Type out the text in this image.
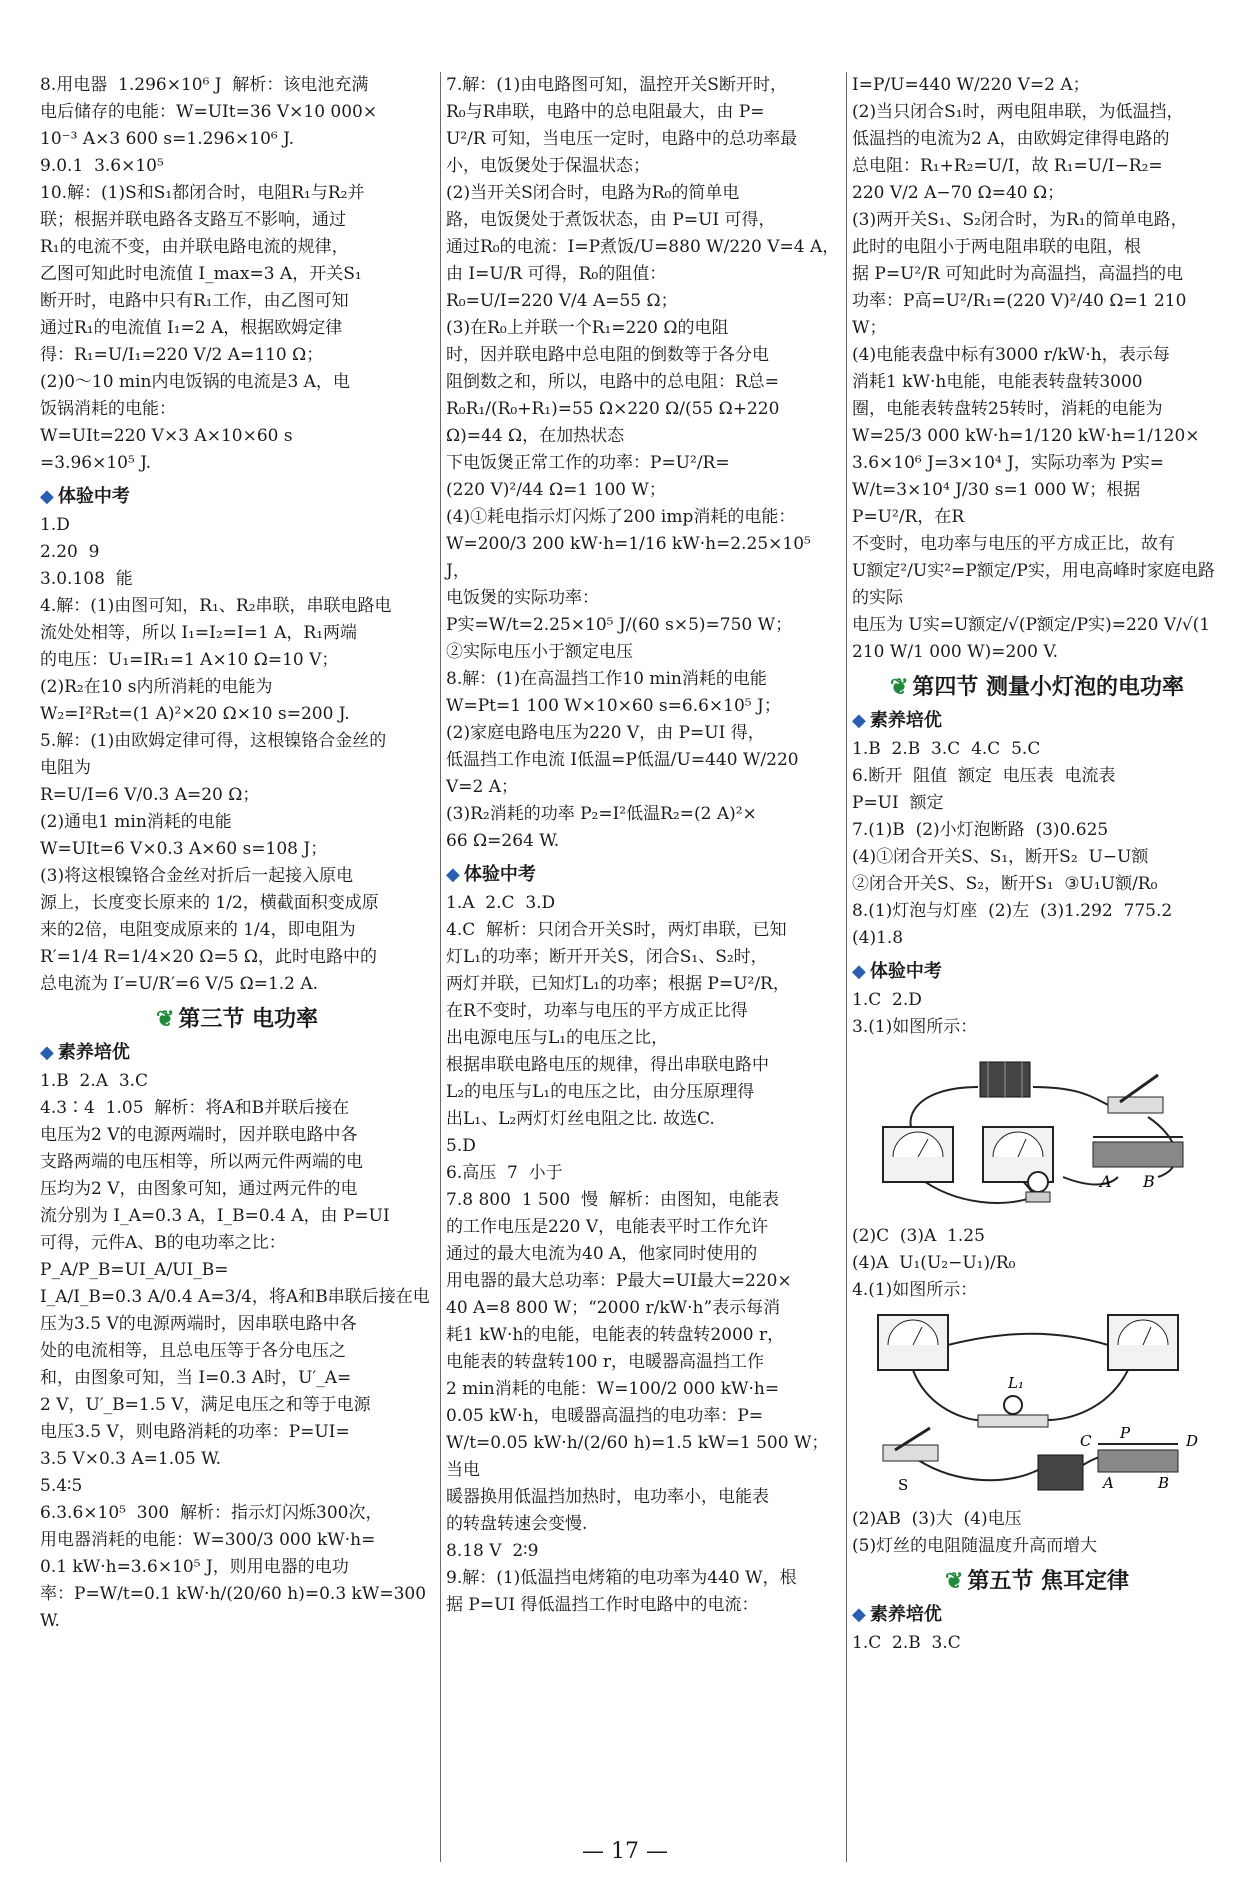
8.用电器  1.296×10⁶ J  解析：该电池充满
电后储存的电能：W=UIt=36 V×10 000×
10⁻³ A×3 600 s=1.296×10⁶ J.
9.0.1  3.6×10⁵
10.解：(1)S和S₁都闭合时，电阻R₁与R₂并
联；根据并联电路各支路互不影响，通过
R₁的电流不变，由并联电路电流的规律，
乙图可知此时电流值 I_max=3 A，开关S₁
断开时，电路中只有R₁工作，由乙图可知
通过R₁的电流值 I₁=2 A，根据欧姆定律
得：R₁=U/I₁=220 V/2 A=110 Ω；
(2)0～10 min内电饭锅的电流是3 A，电
饭锅消耗的电能：
W=UIt=220 V×3 A×10×60 s
=3.96×10⁵ J.
◆ 体验中考
1.D
2.20  9
3.0.108  能
4.解：(1)由图可知，R₁、R₂串联，串联电路电
流处处相等，所以 I₁=I₂=I=1 A，R₁两端
的电压：U₁=IR₁=1 A×10 Ω=10 V；
(2)R₂在10 s内所消耗的电能为
W₂=I²R₂t=(1 A)²×20 Ω×10 s=200 J.
5.解：(1)由欧姆定律可得，这根镍铬合金丝的
电阻为
R=U/I=6 V/0.3 A=20 Ω；
(2)通电1 min消耗的电能
W=UIt=6 V×0.3 A×60 s=108 J；
(3)将这根镍铬合金丝对折后一起接入原电
源上，长度变长原来的 1/2，横截面积变成原
来的2倍，电阻变成原来的 1/4，即电阻为
R′=1/4 R=1/4×20 Ω=5 Ω，此时电路中的
总电流为 I′=U/R′=6 V/5 Ω=1.2 A.
❦ 第三节 电功率
◆ 素养培优
1.B  2.A  3.C
4.3∶4  1.05  解析：将A和B并联后接在
电压为2 V的电源两端时，因并联电路中各
支路两端的电压相等，所以两元件两端的电
压均为2 V，由图象可知，通过两元件的电
流分别为 I_A=0.3 A，I_B=0.4 A，由 P=UI
可得，元件A、B的电功率之比：P_A/P_B=UI_A/UI_B=
I_A/I_B=0.3 A/0.4 A=3/4，将A和B串联后接在电
压为3.5 V的电源两端时，因串联电路中各
处的电流相等，且总电压等于各分电压之
和，由图象可知，当 I=0.3 A时，U′_A=
2 V，U′_B=1.5 V，满足电压之和等于电源
电压3.5 V，则电路消耗的功率：P=UI=
3.5 V×0.3 A=1.05 W.
5.4∶5
6.3.6×10⁵  300  解析：指示灯闪烁300次，
用电器消耗的电能：W=300/3 000 kW·h=
0.1 kW·h=3.6×10⁵ J，则用电器的电功
率：P=W/t=0.1 kW·h/(20/60 h)=0.3 kW=300 W.
7.解：(1)由电路图可知，温控开关S断开时，
R₀与R串联，电路中的总电阻最大，由 P=
U²/R 可知，当电压一定时，电路中的总功率最
小，电饭煲处于保温状态；
(2)当开关S闭合时，电路为R₀的简单电
路，电饭煲处于煮饭状态，由 P=UI 可得，
通过R₀的电流：I=P煮饭/U=880 W/220 V=4 A，
由 I=U/R 可得，R₀的阻值：
R₀=U/I=220 V/4 A=55 Ω；
(3)在R₀上并联一个R₁=220 Ω的电阻
时，因并联电路中总电阻的倒数等于各分电
阻倒数之和，所以，电路中的总电阻：R总=
R₀R₁/(R₀+R₁)=55 Ω×220 Ω/(55 Ω+220 Ω)=44 Ω，在加热状态
下电饭煲正常工作的功率：P=U²/R=
(220 V)²/44 Ω=1 100 W；
(4)①耗电指示灯闪烁了200 imp消耗的电能：
W=200/3 200 kW·h=1/16 kW·h=2.25×10⁵ J，
电饭煲的实际功率：
P实=W/t=2.25×10⁵ J/(60 s×5)=750 W；
②实际电压小于额定电压
8.解：(1)在高温挡工作10 min消耗的电能
W=Pt=1 100 W×10×60 s=6.6×10⁵ J；
(2)家庭电路电压为220 V，由 P=UI 得，
低温挡工作电流 I低温=P低温/U=440 W/220 V=2 A；
(3)R₂消耗的功率 P₂=I²低温R₂=(2 A)²×
66 Ω=264 W.
◆ 体验中考
1.A  2.C  3.D
4.C  解析：只闭合开关S时，两灯串联，已知
灯L₁的功率；断开开关S，闭合S₁、S₂时，
两灯并联，已知灯L₁的功率；根据 P=U²/R，
在R不变时，功率与电压的平方成正比得
出电源电压与L₁的电压之比，
根据串联电路电压的规律，得出串联电路中
L₂的电压与L₁的电压之比，由分压原理得
出L₁、L₂两灯灯丝电阻之比. 故选C.
5.D
6.高压  7  小于
7.8 800  1 500  慢  解析：由图知，电能表
的工作电压是220 V，电能表平时工作允许
通过的最大电流为40 A，他家同时使用的
用电器的最大总功率：P最大=UI最大=220×
40 A=8 800 W；“2000 r/kW·h”表示每消
耗1 kW·h的电能，电能表的转盘转2000 r，
电能表的转盘转100 r，电暖器高温挡工作
2 min消耗的电能：W=100/2 000 kW·h=
0.05 kW·h，电暖器高温挡的电功率：P=
W/t=0.05 kW·h/(2/60 h)=1.5 kW=1 500 W；当电
暖器换用低温挡加热时，电功率小，电能表
的转盘转速会变慢.
8.18 V  2∶9
9.解：(1)低温挡电烤箱的电功率为440 W，根
据 P=UI 得低温挡工作时电路中的电流：
I=P/U=440 W/220 V=2 A；
(2)当只闭合S₁时，两电阻串联，为低温挡，
低温挡的电流为2 A，由欧姆定律得电路的
总电阻：R₁+R₂=U/I，故 R₁=U/I−R₂=
220 V/2 A−70 Ω=40 Ω；
(3)两开关S₁、S₂闭合时，为R₁的简单电路，
此时的电阻小于两电阻串联的电阻，根
据 P=U²/R 可知此时为高温挡，高温挡的电
功率：P高=U²/R₁=(220 V)²/40 Ω=1 210 W；
(4)电能表盘中标有3000 r/kW·h，表示每
消耗1 kW·h电能，电能表转盘转3000
圈，电能表转盘转25转时，消耗的电能为
W=25/3 000 kW·h=1/120 kW·h=1/120×
3.6×10⁶ J=3×10⁴ J，实际功率为 P实=
W/t=3×10⁴ J/30 s=1 000 W；根据 P=U²/R，在R
不变时，电功率与电压的平方成正比，故有
U额定²/U实²=P额定/P实，用电高峰时家庭电路的实际
电压为 U实=U额定/√(P额定/P实)=220 V/√(1 210 W/1 000 W)=200 V.
❦ 第四节 测量小灯泡的电功率
◆ 素养培优
1.B  2.B  3.C  4.C  5.C
6.断开  阻值  额定  电压表  电流表
P=UI  额定
7.(1)B  (2)小灯泡断路  (3)0.625
(4)①闭合开关S、S₁，断开S₂  U−U额
②闭合开关S、S₂，断开S₁  ③U₁U额/R₀
8.(1)灯泡与灯座  (2)左  (3)1.292  775.2
(4)1.8
◆ 体验中考
1.C  2.D
3.(1)如图所示：
A B
(2)C  (3)A  1.25
(4)A  U₁(U₂−U₁)/R₀
4.(1)如图所示：
L₁
C P	D
A	B
S
(2)AB  (3)大  (4)电压
(5)灯丝的电阻随温度升高而增大
❦ 第五节 焦耳定律
◆ 素养培优
1.C  2.B  3.C
— 17 —
